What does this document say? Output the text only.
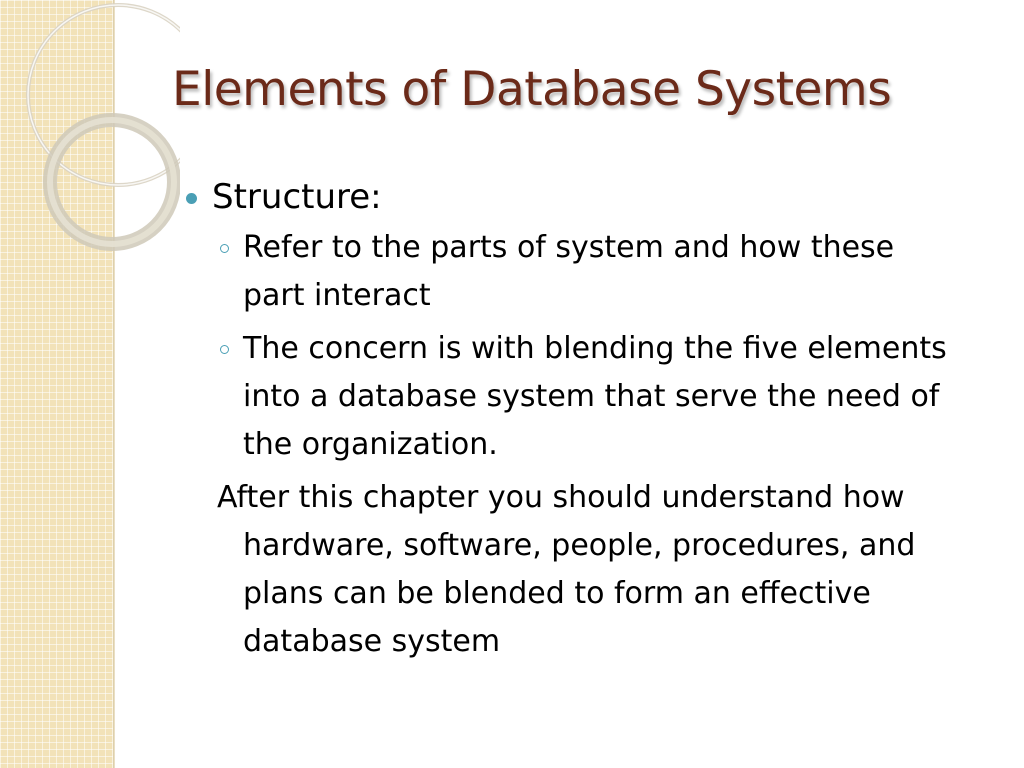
Elements of Database Systems
Structure:
Refer to the parts of system and how these part interact
The concern is with blending the five elements into a database system that serve the need of the organization.

After this chapter you should understand how hardware, software, people, procedures, and plans can be blended to form an effective database system
